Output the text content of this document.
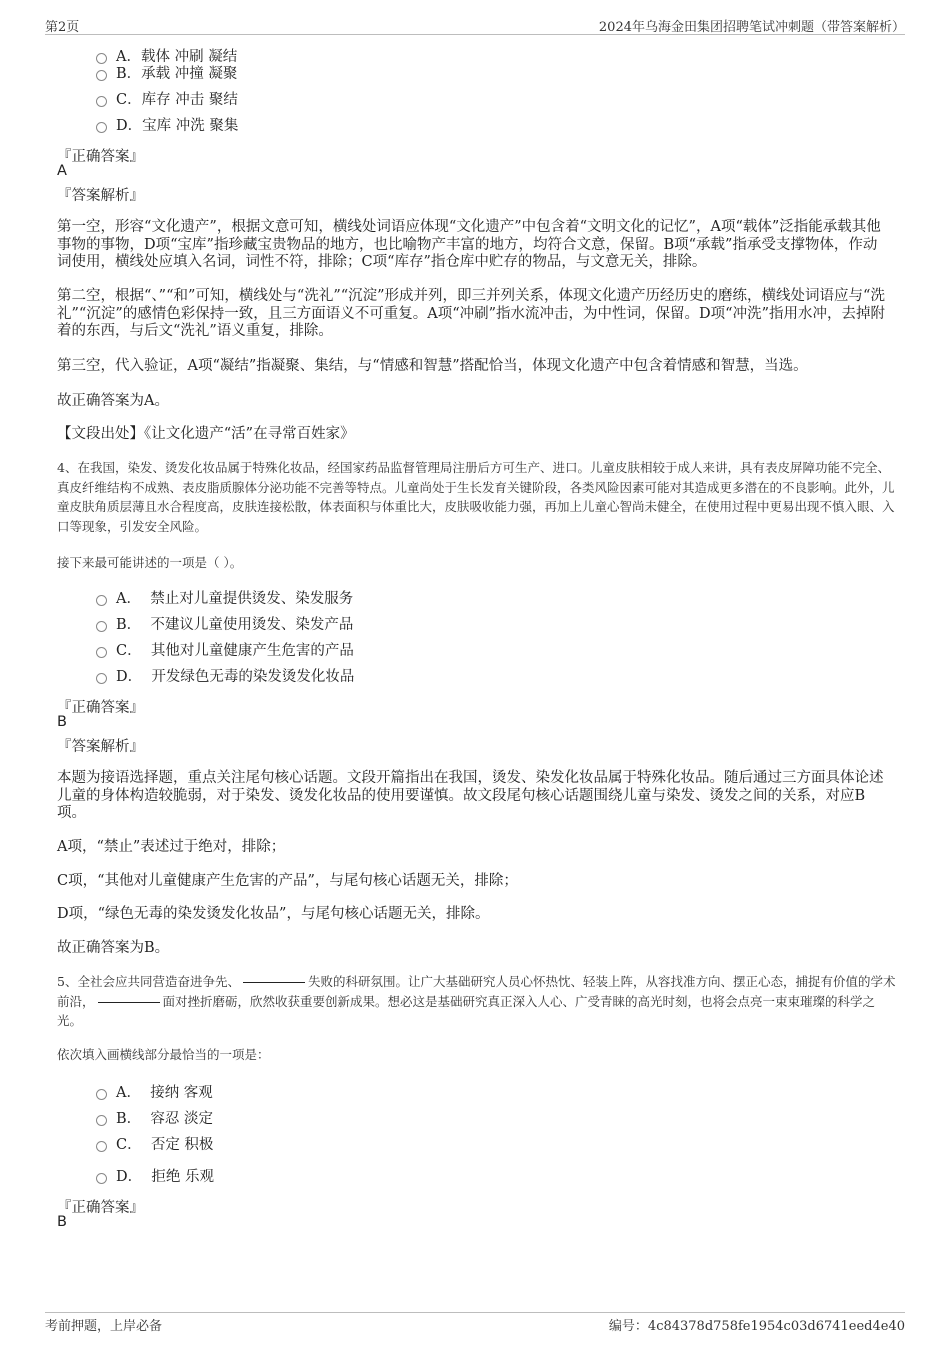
第2页	2024年乌海金田集团招聘笔试冲刺题（带答案解析）
A．载体 冲刷 凝结
B．承载 冲撞 凝聚
C．库存 冲击 聚结
D．宝库 冲洗 聚集
『正确答案』
A
『答案解析』
第一空，形容“文化遗产”，根据文意可知，横线处词语应体现“文化遗产”中包含着“文明文化的记忆”，A项“载体”泛指能承载其他事物的事物，D项“宝库”指珍藏宝贵物品的地方，也比喻物产丰富的地方，均符合文意，保留。B项“承载”指承受支撑物体，作动词使用，横线处应填入名词，词性不符，排除；C项“库存”指仓库中贮存的物品，与文意无关，排除。
第二空，根据“、”“和”可知，横线处与“洗礼”“沉淀”形成并列，即三并列关系，体现文化遗产历经历史的磨练，横线处词语应与“洗礼”“沉淀”的感情色彩保持一致，且三方面语义不可重复。A项“冲刷”指水流冲击，为中性词，保留。D项“冲洗”指用水冲，去掉附着的东西，与后文“洗礼”语义重复，排除。
第三空，代入验证，A项“凝结”指凝聚、集结，与“情感和智慧”搭配恰当，体现文化遗产中包含着情感和智慧，当选。
故正确答案为A。
【文段出处】《让文化遗产“活”在寻常百姓家》
4、在我国，染发、烫发化妆品属于特殊化妆品，经国家药品监督管理局注册后方可生产、进口。儿童皮肤相较于成人来讲，具有表皮屏障功能不完全、真皮纤维结构不成熟、表皮脂质腺体分泌功能不完善等特点。儿童尚处于生长发育关键阶段，各类风险因素可能对其造成更多潜在的不良影响。此外，儿童皮肤角质层薄且水合程度高，皮肤连接松散，体表面积与体重比大，皮肤吸收能力强，再加上儿童心智尚未健全，在使用过程中更易出现不慎入眼、入口等现象，引发安全风险。
接下来最可能讲述的一项是（ ）。
A． 禁止对儿童提供烫发、染发服务
B． 不建议儿童使用烫发、染发产品
C． 其他对儿童健康产生危害的产品
D． 开发绿色无毒的染发烫发化妆品
『正确答案』
B
『答案解析』
本题为接语选择题，重点关注尾句核心话题。文段开篇指出在我国，烫发、染发化妆品属于特殊化妆品。随后通过三方面具体论述儿童的身体构造较脆弱，对于染发、烫发化妆品的使用要谨慎。故文段尾句核心话题围绕儿童与染发、烫发之间的关系，对应B项。
A项，“禁止”表述过于绝对，排除；
C项，“其他对儿童健康产生危害的产品”，与尾句核心话题无关，排除；
D项，“绿色无毒的染发烫发化妆品”，与尾句核心话题无关，排除。
故正确答案为B。
5、全社会应共同营造奋进争先、	失败的科研氛围。让广大基础研究人员心怀热忱、轻装上阵，从容找准方向、摆正心态，捕捉有价值的学术前沿，	面对挫折磨砺，欣然收获重要创新成果。想必这是基础研究真正深入人心、广受青睐的高光时刻，也将会点亮一束束璀璨的科学之光。
依次填入画横线部分最恰当的一项是：
A． 接纳 客观
B． 容忍 淡定
C． 否定 积极
D． 拒绝 乐观
『正确答案』
B
考前押题，上岸必备	编号：4c84378d758fe1954c03d6741eed4e40
